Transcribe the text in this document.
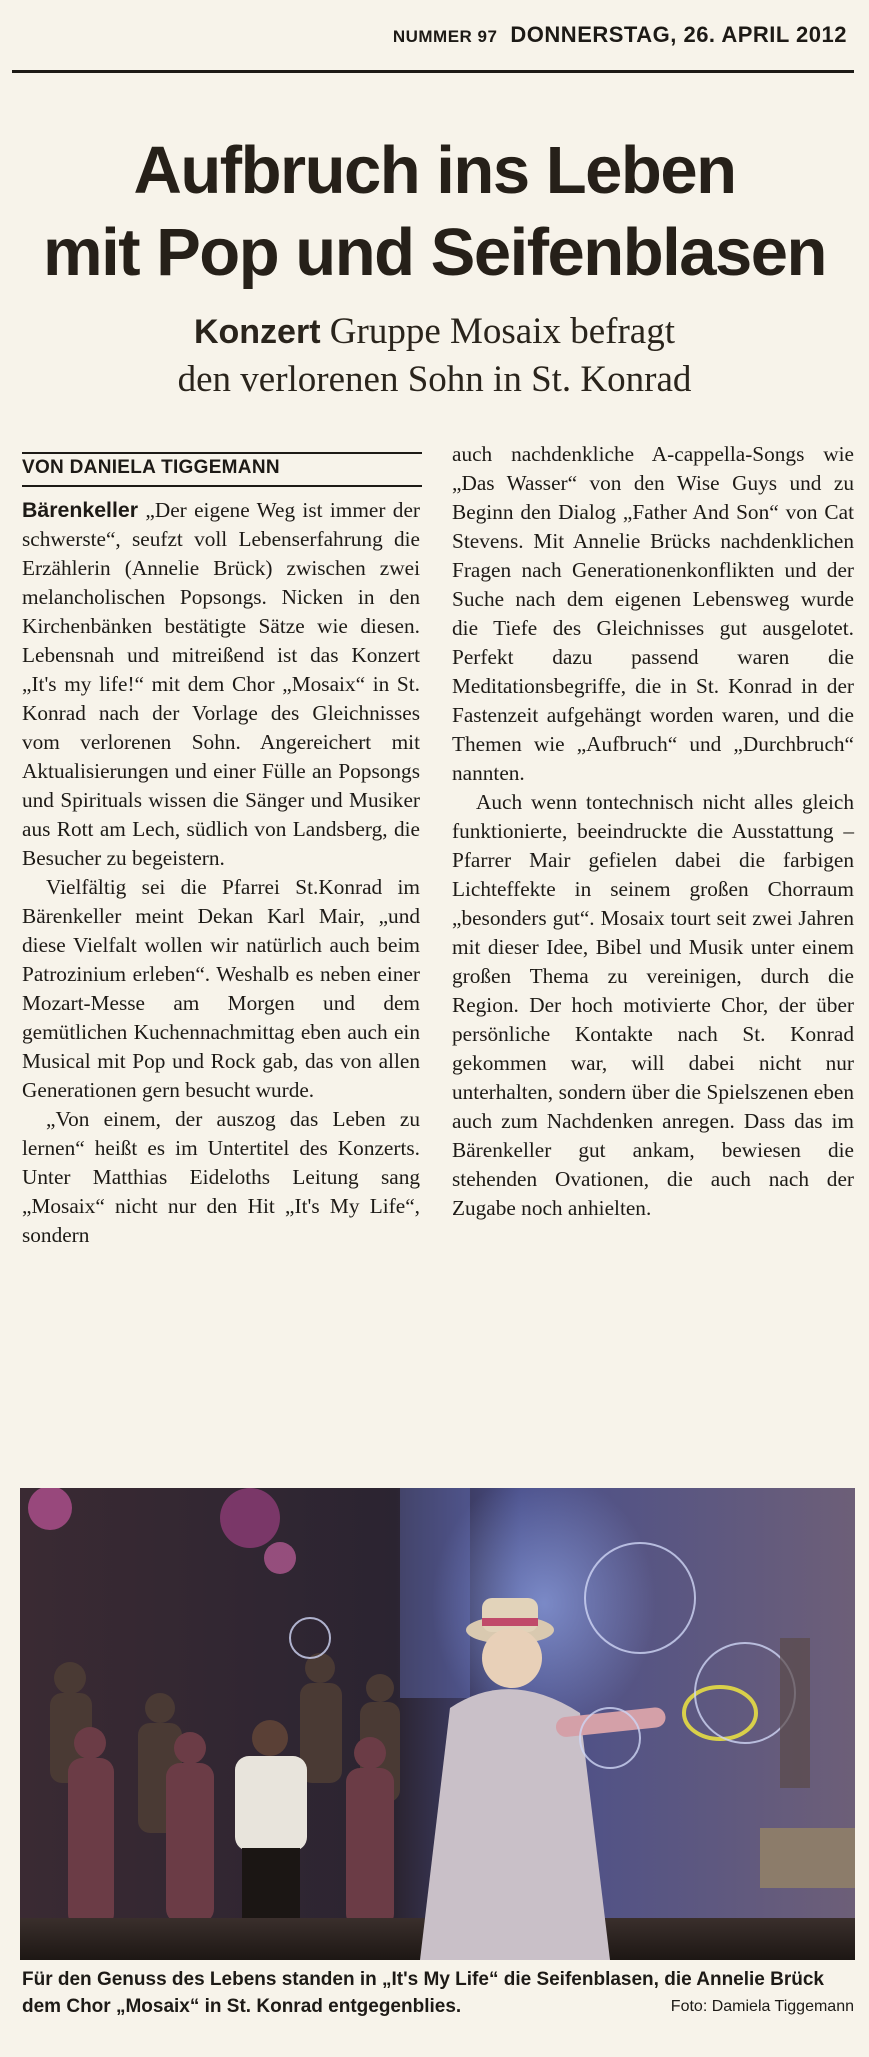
NUMMER 97 DONNERSTAG, 26. APRIL 2012
Aufbruch ins Leben
mit Pop und Seifenblasen
Konzert Gruppe Mosaix befragt
den verlorenen Sohn in St. Konrad
VON DANIELA TIGGEMANN

Bärenkeller „Der eigene Weg ist immer der schwerste“, seufzt voll Lebenserfahrung die Erzählerin (Annelie Brück) zwischen zwei melancholischen Popsongs. Nicken in den Kirchenbänken bestätigte Sätze wie diesen. Lebensnah und mitreißend ist das Konzert „It's my life!“ mit dem Chor „Mosaix“ in St. Konrad nach der Vorlage des Gleichnisses vom verlorenen Sohn. Angereichert mit Aktualisierungen und einer Fülle an Popsongs und Spirituals wissen die Sänger und Musiker aus Rott am Lech, südlich von Landsberg, die Besucher zu begeistern.

Vielfältig sei die Pfarrei St.Konrad im Bärenkeller meint Dekan Karl Mair, „und diese Vielfalt wollen wir natürlich auch beim Patrozinium erleben“. Weshalb es neben einer Mozart-Messe am Morgen und dem gemütlichen Kuchennachmittag eben auch ein Musical mit Pop und Rock gab, das von allen Generationen gern besucht wurde.

„Von einem, der auszog das Leben zu lernen“ heißt es im Untertitel des Konzerts. Unter Matthias Eideloths Leitung sang „Mosaix“ nicht nur den Hit „It's My Life“, sondern

auch nachdenkliche A-cappella-Songs wie „Das Wasser“ von den Wise Guys und zu Beginn den Dialog „Father And Son“ von Cat Stevens. Mit Annelie Brücks nachdenklichen Fragen nach Generationenkonflikten und der Suche nach dem eigenen Lebensweg wurde die Tiefe des Gleichnisses gut ausgelotet. Perfekt dazu passend waren die Meditationsbegriffe, die in St. Konrad in der Fastenzeit aufgehängt worden waren, und die Themen wie „Aufbruch“ und „Durchbruch“ nannten.

Auch wenn tontechnisch nicht alles gleich funktionierte, beeindruckte die Ausstattung – Pfarrer Mair gefielen dabei die farbigen Lichteffekte in seinem großen Chorraum „besonders gut“. Mosaix tourt seit zwei Jahren mit dieser Idee, Bibel und Musik unter einem großen Thema zu vereinigen, durch die Region. Der hoch motivierte Chor, der über persönliche Kontakte nach St. Konrad gekommen war, will dabei nicht nur unterhalten, sondern über die Spielszenen eben auch zum Nachdenken anregen. Dass das im Bärenkeller gut ankam, bewiesen die stehenden Ovationen, die auch nach der Zugabe noch anhielten.

Für den Genuss des Lebens standen in „It's My Life“ die Seifenblasen, die Annelie Brück dem Chor „Mosaix“ in St. Konrad entgegenblies.	Foto: Damiela Tiggemann
